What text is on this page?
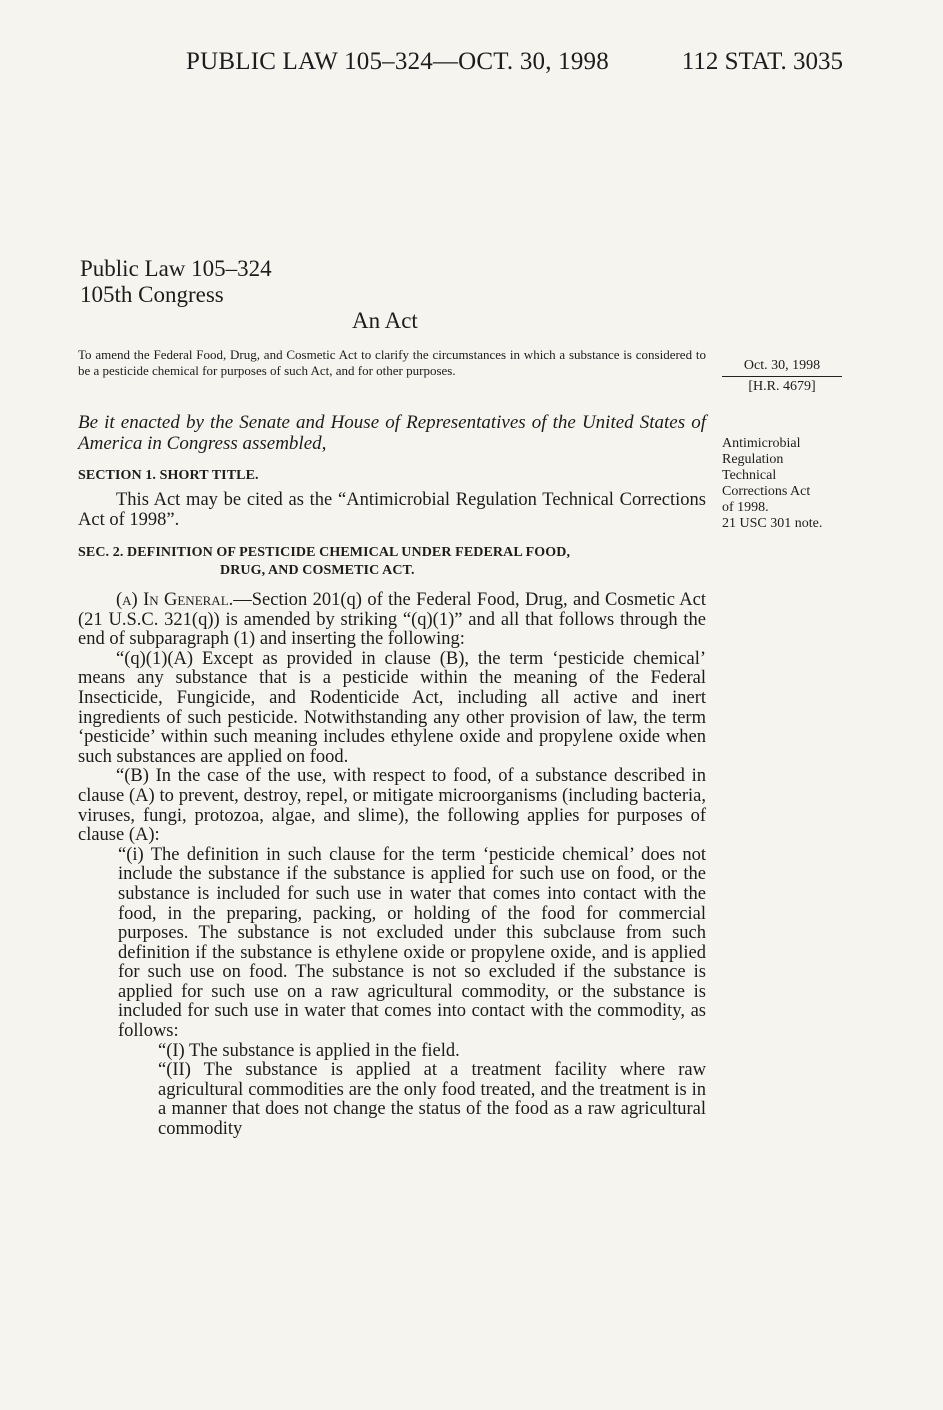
PUBLIC LAW 105–324—OCT. 30, 1998	112 STAT. 3035
Public Law 105–324
105th Congress
An Act
To amend the Federal Food, Drug, and Cosmetic Act to clarify the circumstances in which a substance is considered to be a pesticide chemical for purposes of such Act, and for other purposes.	Oct. 30, 1998
[H.R. 4679]
Be it enacted by the Senate and House of Representatives of the United States of America in Congress assembled,	Antimicrobial
Regulation
Technical
Corrections Act
of 1998.
21 USC 301 note.
SECTION 1. SHORT TITLE.

This Act may be cited as the “Antimicrobial Regulation Technical Corrections Act of 1998”.

SEC. 2. DEFINITION OF PESTICIDE CHEMICAL UNDER FEDERAL FOOD,
DRUG, AND COSMETIC ACT.

(a) In General.—Section 201(q) of the Federal Food, Drug, and Cosmetic Act (21 U.S.C. 321(q)) is amended by striking “(q)(1)” and all that follows through the end of subparagraph (1) and inserting the following:

“(q)(1)(A) Except as provided in clause (B), the term ‘pesticide chemical’ means any substance that is a pesticide within the meaning of the Federal Insecticide, Fungicide, and Rodenticide Act, including all active and inert ingredients of such pesticide. Notwithstanding any other provision of law, the term ‘pesticide’ within such meaning includes ethylene oxide and propylene oxide when such substances are applied on food.

“(B) In the case of the use, with respect to food, of a substance described in clause (A) to prevent, destroy, repel, or mitigate microorganisms (including bacteria, viruses, fungi, protozoa, algae, and slime), the following applies for purposes of clause (A):

“(i) The definition in such clause for the term ‘pesticide chemical’ does not include the substance if the substance is applied for such use on food, or the substance is included for such use in water that comes into contact with the food, in the preparing, packing, or holding of the food for commercial purposes. The substance is not excluded under this subclause from such definition if the substance is ethylene oxide or propylene oxide, and is applied for such use on food. The substance is not so excluded if the substance is applied for such use on a raw agricultural commodity, or the substance is included for such use in water that comes into contact with the commodity, as follows:

“(I) The substance is applied in the field.

“(II) The substance is applied at a treatment facility where raw agricultural commodities are the only food treated, and the treatment is in a manner that does not change the status of the food as a raw agricultural commodity
